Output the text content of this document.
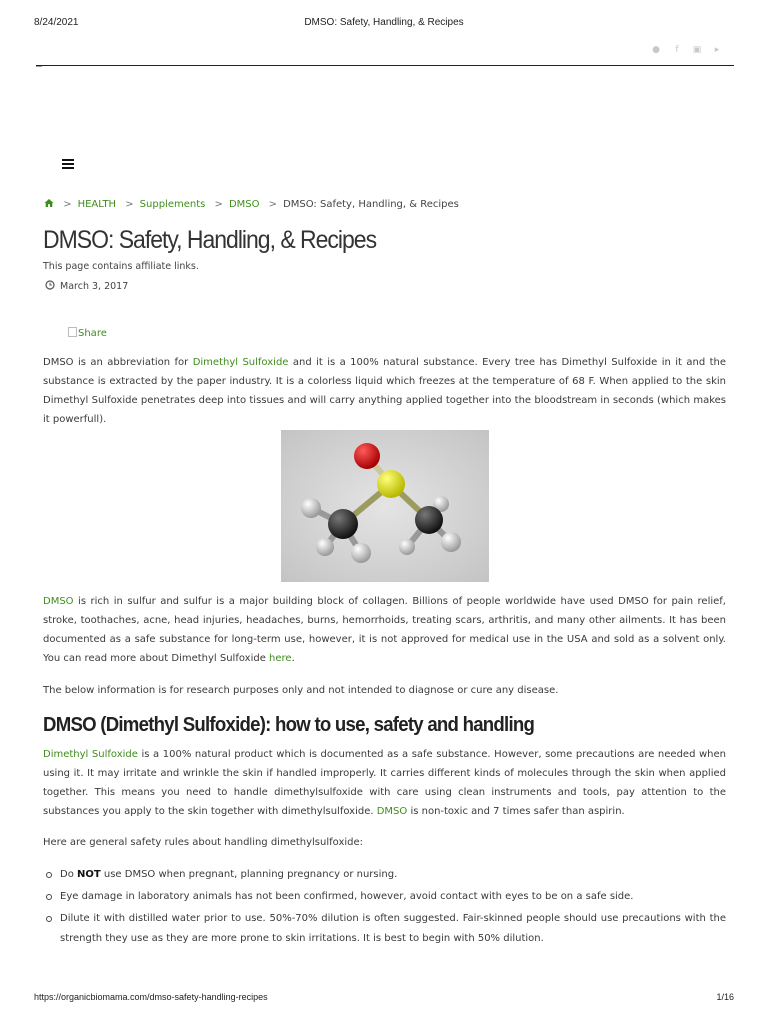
8/24/2021	DMSO: Safety, Handling, & Recipes
●	f	▣	▸
> HEALTH > Supplements > DMSO > DMSO: Safety, Handling, & Recipes
DMSO: Safety, Handling, & Recipes
This page contains affiliate links.
March 3, 2017
Share

DMSO is an abbreviation for Dimethyl Sulfoxide and it is a 100% natural substance. Every tree has Dimethyl Sulfoxide in it and the substance is extracted by the paper industry. It is a colorless liquid which freezes at the temperature of 68 F. When applied to the skin Dimethyl Sulfoxide penetrates deep into tissues and will carry anything applied together into the bloodstream in seconds (which makes it powerfull).

DMSO is rich in sulfur and sulfur is a major building block of collagen. Billions of people worldwide have used DMSO for pain relief, stroke, toothaches, acne, head injuries, headaches, burns, hemorrhoids, treating scars, arthritis, and many other ailments. It has been documented as a safe substance for long-term use, however, it is not approved for medical use in the USA and sold as a solvent only. You can read more about Dimethyl Sulfoxide here.

The below information is for research purposes only and not intended to diagnose or cure any disease.

DMSO (Dimethyl Sulfoxide): how to use, safety and handling

Dimethyl Sulfoxide is a 100% natural product which is documented as a safe substance. However, some precautions are needed when using it. It may irritate and wrinkle the skin if handled improperly. It carries different kinds of molecules through the skin when applied together. This means you need to handle dimethylsulfoxide with care using clean instruments and tools, pay attention to the substances you apply to the skin together with dimethylsulfoxide. DMSO is non-toxic and 7 times safer than aspirin.

Here are general safety rules about handling dimethylsulfoxide:

Do NOT use DMSO when pregnant, planning pregnancy or nursing.
Eye damage in laboratory animals has not been confirmed, however, avoid contact with eyes to be on a safe side.
Dilute it with distilled water prior to use. 50%-70% dilution is often suggested. Fair-skinned people should use precautions with the strength they use as they are more prone to skin irritations. It is best to begin with 50% dilution.
https://organicbiomama.com/dmso-safety-handling-recipes	1/16
